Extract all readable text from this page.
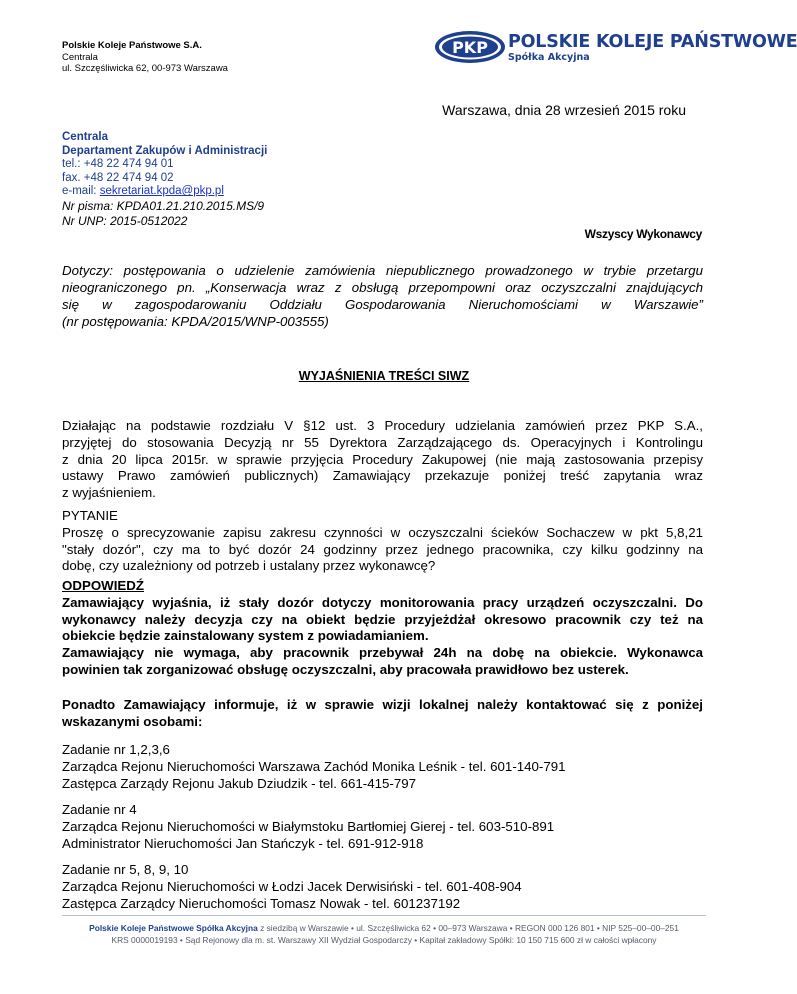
Polskie Koleje Państwowe S.A.
Centrala
ul. Szczęśliwicka 62, 00-973 Warszawa
PKP POLSKIE KOLEJE PAŃSTWOWE
Spółka Akcyjna
Warszawa, dnia 28 wrzesień 2015 roku
Centrala
Departament Zakupów i Administracji
tel.: +48 22 474 94 01
fax. +48 22 474 94 02
e-mail: sekretariat.kpda@pkp.pl
Nr pisma: KPDA01.21.210.2015.MS/9
Nr UNP: 2015-0512022
Wszyscy Wykonawcy
Dotyczy: postępowania o udzielenie zamówienia niepublicznego prowadzonego w trybie przetargu
nieograniczonego pn. „Konserwacja wraz z obsługą przepompowni oraz oczyszczalni znajdujących
się w zagospodarowaniu Oddziału Gospodarowania Nieruchomościami w Warszawie”
(nr postępowania: KPDA/2015/WNP-003555)
WYJAŚNIENIA TREŚCI SIWZ
Działając na podstawie rozdziału V §12 ust. 3 Procedury udzielania zamówień przez PKP S.A.,
przyjętej do stosowania Decyzją nr 55 Dyrektora Zarządzającego ds. Operacyjnych i Kontrolingu
z dnia 20 lipca 2015r. w sprawie przyjęcia Procedury Zakupowej (nie mają zastosowania przepisy
ustawy Prawo zamówień publicznych) Zamawiający przekazuje poniżej treść zapytania wraz
z wyjaśnieniem.
PYTANIE
Proszę o sprecyzowanie zapisu zakresu czynności w oczyszczalni ścieków Sochaczew w pkt 5,8,21
"stały dozór", czy ma to być dozór 24 godzinny przez jednego pracownika, czy kilku godzinny na
dobę, czy uzależniony od potrzeb i ustalany przez wykonawcę?
ODPOWIEDŹ
Zamawiający wyjaśnia, iż stały dozór dotyczy monitorowania pracy urządzeń oczyszczalni. Do
wykonawcy należy decyzja czy na obiekt będzie przyjeżdżał okresowo pracownik czy też na
obiekcie będzie zainstalowany system z powiadamianiem.
Zamawiający nie wymaga, aby pracownik przebywał 24h na dobę na obiekcie. Wykonawca
powinien tak zorganizować obsługę oczyszczalni, aby pracowała prawidłowo bez usterek.
Ponadto Zamawiający informuje, iż w sprawie wizji lokalnej należy kontaktować się z poniżej
wskazanymi osobami:
Zadanie nr 1,2,3,6
Zarządca Rejonu Nieruchomości Warszawa Zachód Monika Leśnik - tel. 601-140-791
Zastępca Zarządy Rejonu Jakub Dziudzik - tel. 661-415-797
Zadanie nr 4
Zarządca Rejonu Nieruchomości w Białymstoku Bartłomiej Gierej - tel. 603-510-891
Administrator Nieruchomości Jan Stańczyk - tel. 691-912-918
Zadanie nr 5, 8, 9, 10
Zarządca Rejonu Nieruchomości w Łodzi Jacek Derwisiński - tel. 601-408-904
Zastępca Zarządcy Nieruchomości Tomasz Nowak - tel. 601237192
Polskie Koleje Państwowe Spółka Akcyjna z siedzibą w Warszawie • ul. Szczęśliwicka 62 • 00–973 Warszawa • REGON 000 126 801 • NIP 525–00–00–251
KRS 0000019193 • Sąd Rejonowy dla m. st. Warszawy XII Wydział Gospodarczy • Kapitał zakładowy Spółki: 10 150 715 600 zł w całości wpłacony
